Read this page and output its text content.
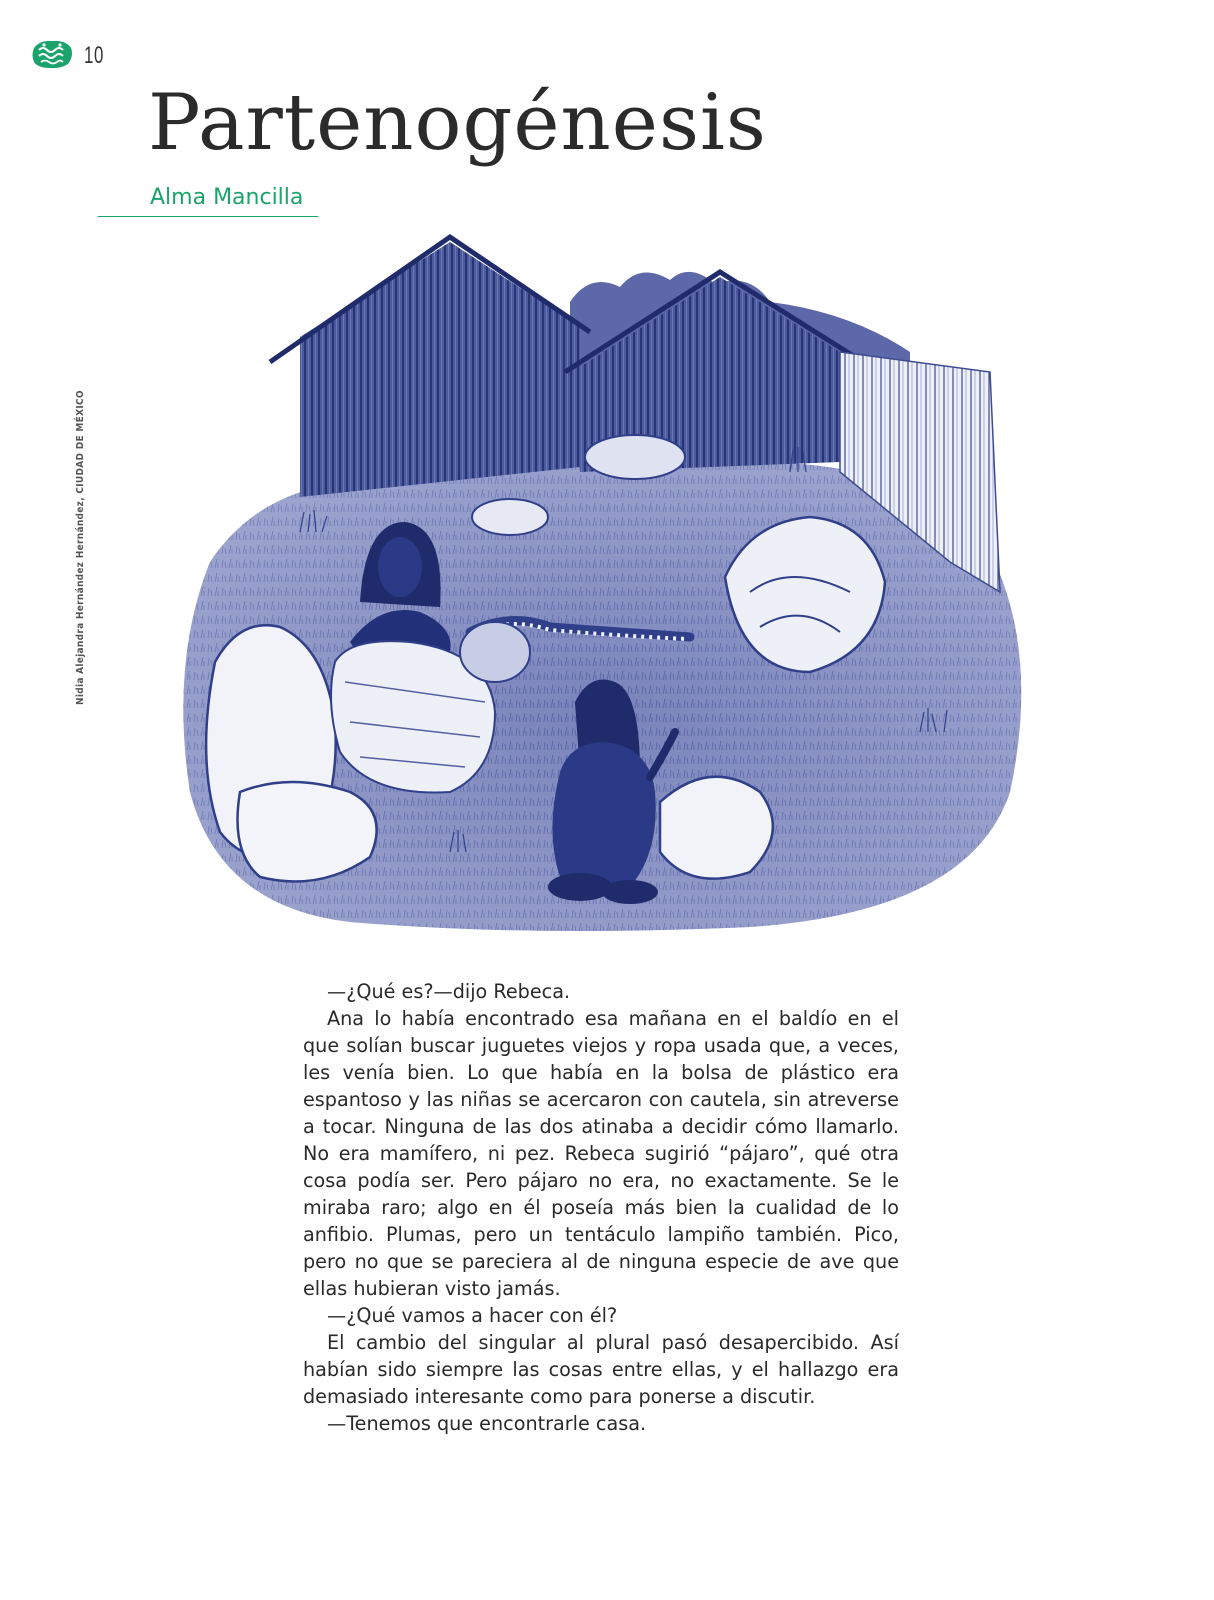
10
Partenogénesis
Alma Mancilla
Nidia Alejandra Hernández Hernández, CIUDAD DE MÉXICO

—¿Qué es?—dijo Rebeca.

Ana lo había encontrado esa mañana en el baldío en el que solían buscar juguetes viejos y ropa usada que, a veces, les venía bien. Lo que había en la bolsa de plástico era espantoso y las niñas se acercaron con cautela, sin atreverse a tocar. Ninguna de las dos atinaba a decidir cómo llamarlo. No era mamífero, ni pez. Rebeca sugirió “pájaro”, qué otra cosa podía ser. Pero pájaro no era, no exactamente. Se le miraba raro; algo en él poseía más bien la cualidad de lo anfibio. Plumas, pero un tentáculo lampiño también. Pico, pero no que se pareciera al de ninguna especie de ave que ellas hubieran visto jamás.

—¿Qué vamos a hacer con él?

El cambio del singular al plural pasó desapercibido. Así habían sido siempre las cosas entre ellas, y el hallazgo era demasiado interesante como para ponerse a discutir.

—Tenemos que encontrarle casa.
